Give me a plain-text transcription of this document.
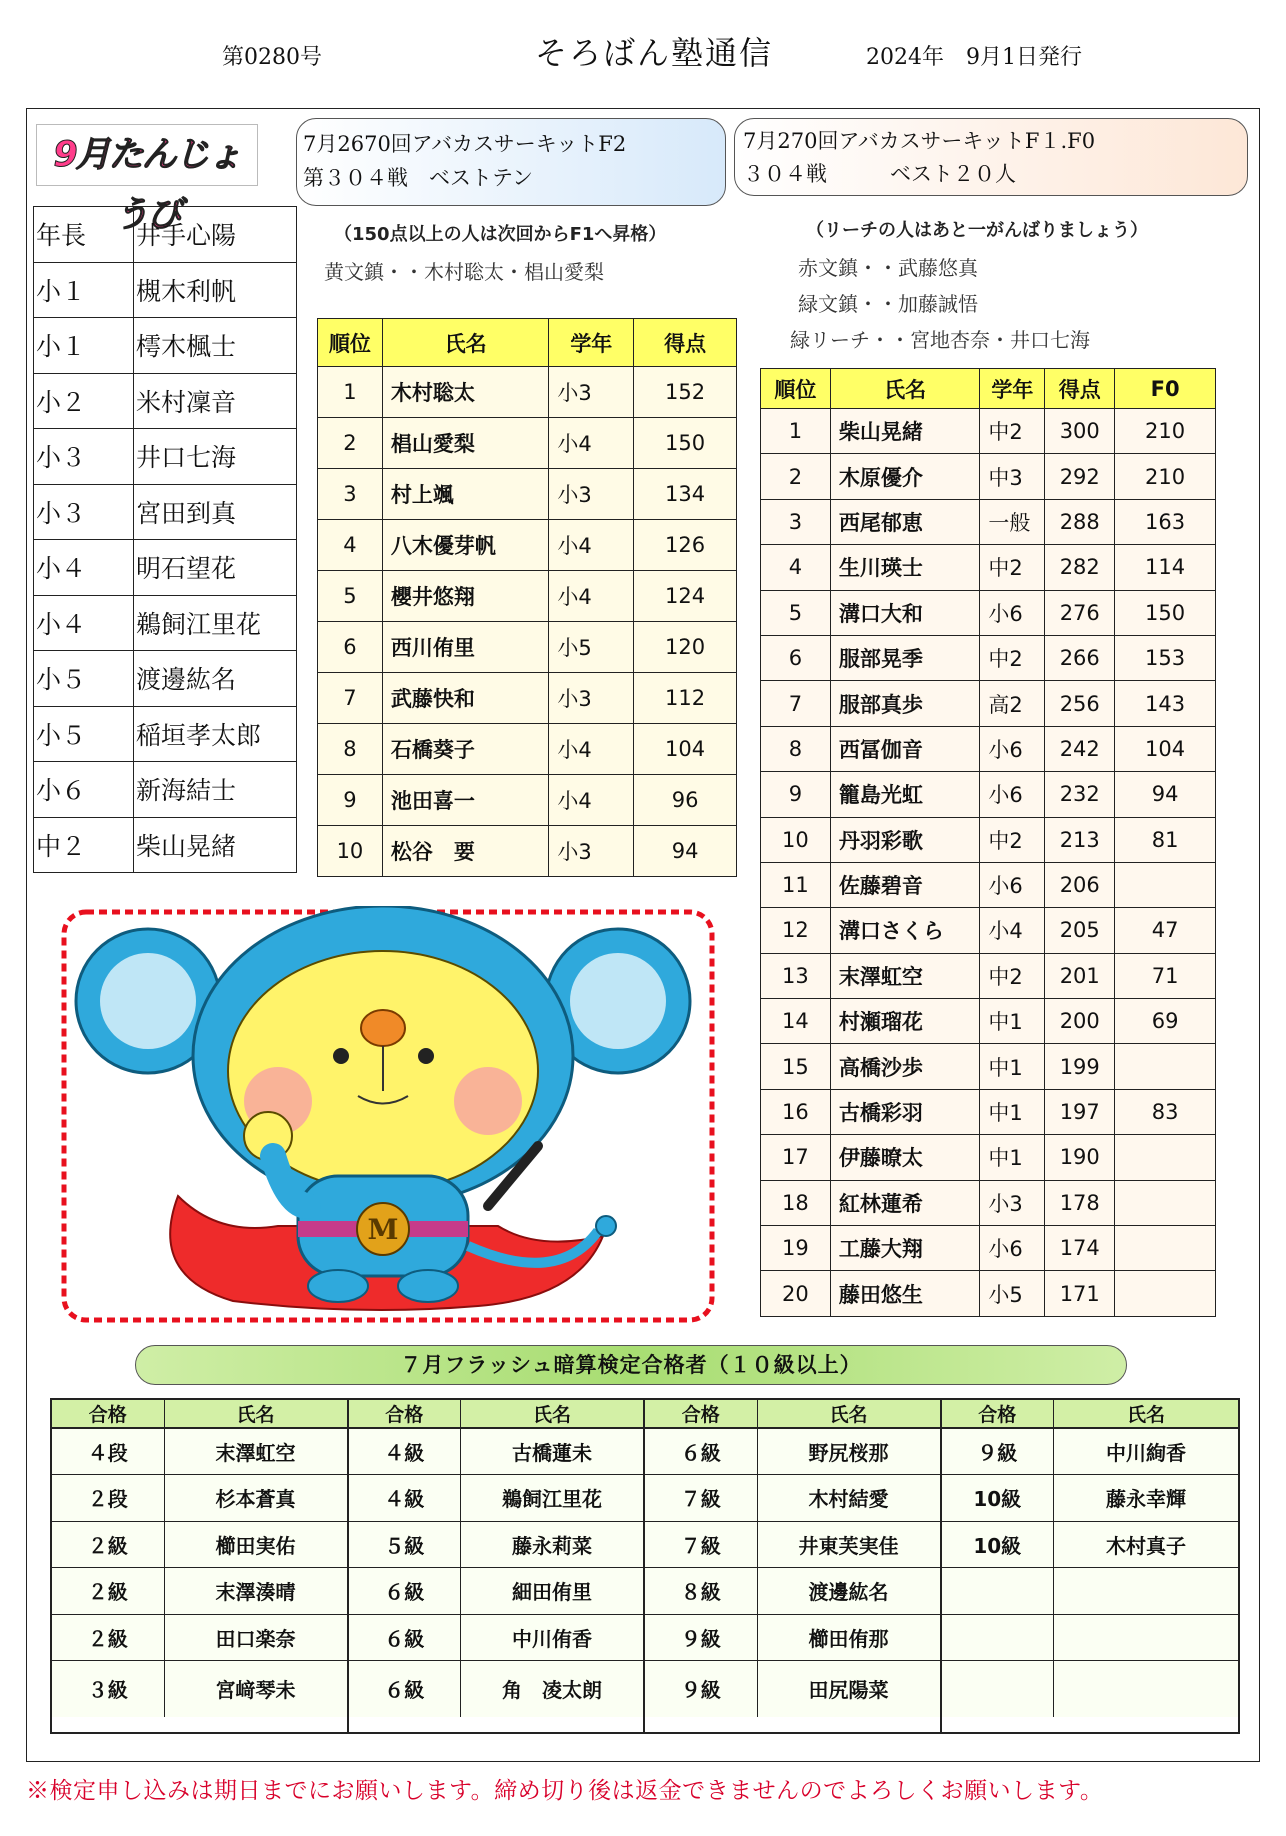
第0280号	そろばん塾通信	2024年　9月1日発行
9月たんじょうび
年長	井手心陽
小１	槻木利帆
小１	樗木楓士
小２	米村凜音
小３	井口七海
小３	宮田到真
小４	明石望花
小４	鵜飼江里花
小５	渡邊紘名
小５	稲垣孝太郎
小６	新海結士
中２	柴山晃緒
7月2670回アバカスサーキットF2
第３０４戦　ベストテン
（150点以上の人は次回からF1へ昇格）
黄文鎮・・木村聡太・椙山愛梨
順位	氏名	学年	得点
1	木村聡太	小3	152
2	椙山愛梨	小4	150
3	村上颯	小3	134
4	八木優芽帆	小4	126
5	櫻井悠翔	小4	124
6	西川侑里	小5	120
7	武藤快和	小3	112
8	石橋葵子	小4	104
9	池田喜一	小4	96
10	松谷　要	小3	94
7月270回アバカスサーキットF１.F0
３０４戦　　　ベスト２０人
（リーチの人はあと一がんばりましょう）
赤文鎮・・武藤悠真
緑文鎮・・加藤誠悟
緑リーチ・・宮地杏奈・井口七海
順位	氏名	学年	得点	F0
1	柴山晃緒	中2	300	210
2	木原優介	中3	292	210
3	西尾郁恵	一般	288	163
4	生川瑛士	中2	282	114
5	溝口大和	小6	276	150
6	服部晃季	中2	266	153
7	服部真歩	高2	256	143
8	西冨伽音	小6	242	104
9	籠島光虹	小6	232	94
10	丹羽彩歌	中2	213	81
11	佐藤碧音	小6	206	
12	溝口さくら	小4	205	47
13	末澤虹空	中2	201	71
14	村瀬瑠花	中1	200	69
15	高橋沙歩	中1	199	
16	古橋彩羽	中1	197	83
17	伊藤暸太	中1	190	
18	紅林蓮希	小3	178	
19	工藤大翔	小6	174	
20	藤田悠生	小5	171	
M
７月フラッシュ暗算検定合格者（１０級以上）
合格	氏名
４段	末澤虹空
２段	杉本蒼真
２級	櫛田実佑
２級	末澤湊晴
２級	田口楽奈
３級	宮﨑琴未
合格	氏名
４級	古橋蓮未
４級	鵜飼江里花
５級	藤永莉菜
６級	細田侑里
６級	中川侑香
６級	角　凌太朗
合格	氏名
６級	野尻桜那
７級	木村結愛
７級	井東芙実佳
８級	渡邊紘名
９級	櫛田侑那
９級	田尻陽菜
合格	氏名
９級	中川絢香
10級	藤永幸輝
10級	木村真子

※検定申し込みは期日までにお願いします。締め切り後は返金できませんのでよろしくお願いします。
